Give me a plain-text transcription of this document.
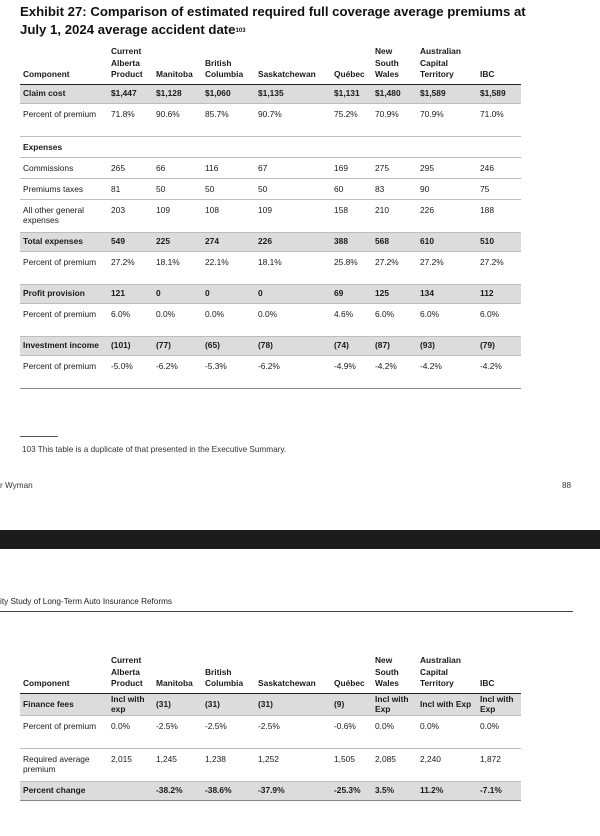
Exhibit 27: Comparison of estimated required full coverage average premiums at
July 1, 2024 average accident date$^{103}$
Component	Current
Alberta
Product	Manitoba	British
Columbia	Saskatchewan	Québec	New
South
Wales	Australian
Capital
Territory	IBC
Claim cost	$1,447	$1,128	$1,060	$1,135	$1,131	$1,480	$1,589	$1,589
Percent of premium	71.8%	90.6%	85.7%	90.7%	75.2%	70.9%	70.9%	71.0%
Expenses								
Commissions	265	66	116	67	169	275	295	246
Premiums taxes	81	50	50	50	60	83	90	75
All other general expenses	203	109	108	109	158	210	226	188
Total expenses	549	225	274	226	388	568	610	510
Percent of premium	27.2%	18.1%	22.1%	18.1%	25.8%	27.2%	27.2%	27.2%
Profit provision	121	0	0	0	69	125	134	112
Percent of premium	6.0%	0.0%	0.0%	0.0%	4.6%	6.0%	6.0%	6.0%
Investment income	(101)	(77)	(65)	(78)	(74)	(87)	(93)	(79)
Percent of premium	-5.0%	-6.2%	-5.3%	-6.2%	-4.9%	-4.2%	-4.2%	-4.2%
103 This table is a duplicate of that presented in the Executive Summary.
r Wyman	88
ity Study of Long-Term Auto Insurance Reforms
Component	Current
Alberta
Product	Manitoba	British
Columbia	Saskatchewan	Québec	New
South
Wales	Australian
Capital
Territory	IBC
Finance fees	Incl with exp	(31)	(31)	(31)	(9)	Incl with Exp	Incl with Exp	Incl with Exp
Percent of premium	0.0%	-2.5%	-2.5%	-2.5%	-0.6%	0.0%	0.0%	0.0%
Required average premium	2,015	1,245	1,238	1,252	1,505	2,085	2,240	1,872
Percent change		-38.2%	-38.6%	-37.9%	-25.3%	3.5%	11.2%	-7.1%
